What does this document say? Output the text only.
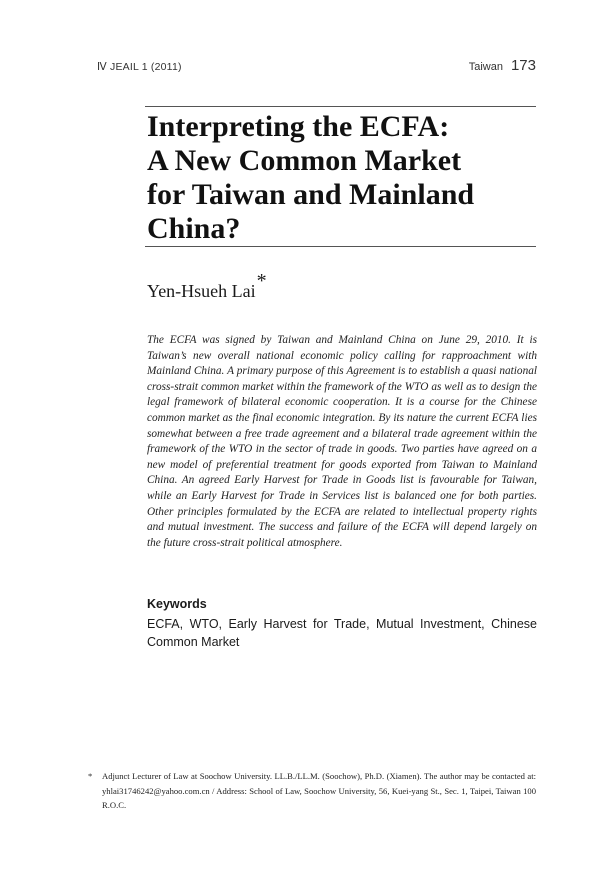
Ⅳ JEAIL 1 (2011)	Taiwan 173
Interpreting the ECFA:
A New Common Market
for Taiwan and Mainland
China?
Yen-Hsueh Lai*

The ECFA was signed by Taiwan and Mainland China on June 29, 2010. It is Taiwan’s new overall national economic policy calling for rapproachment with Mainland China. A primary purpose of this Agreement is to establish a quasi national cross-strait common market within the framework of the WTO as well as to design the legal framework of bilateral economic cooperation. It is a course for the Chinese common market as the final economic integration. By its nature the current ECFA lies somewhat between a free trade agreement and a bilateral trade agreement within the framework of the WTO in the sector of trade in goods. Two parties have agreed on a new model of preferential treatment for goods exported from Taiwan to Mainland China. An agreed Early Harvest for Trade in Goods list is favourable for Taiwan, while an Early Harvest for Trade in Services list is balanced one for both parties. Other principles formulated by the ECFA are related to intellectual property rights and mutual investment. The success and failure of the ECFA will depend largely on the future cross-strait political atmosphere.

Keywords

ECFA, WTO, Early Harvest for Trade, Mutual Investment, Chinese Common Market

* Adjunct Lecturer of Law at Soochow University. LL.B./LL.M. (Soochow), Ph.D. (Xiamen). The author may be contacted at: yhlai31746242@yahoo.com.cn / Address: School of Law, Soochow University, 56, Kuei-yang St., Sec. 1, Taipei, Taiwan 100 R.O.C.
